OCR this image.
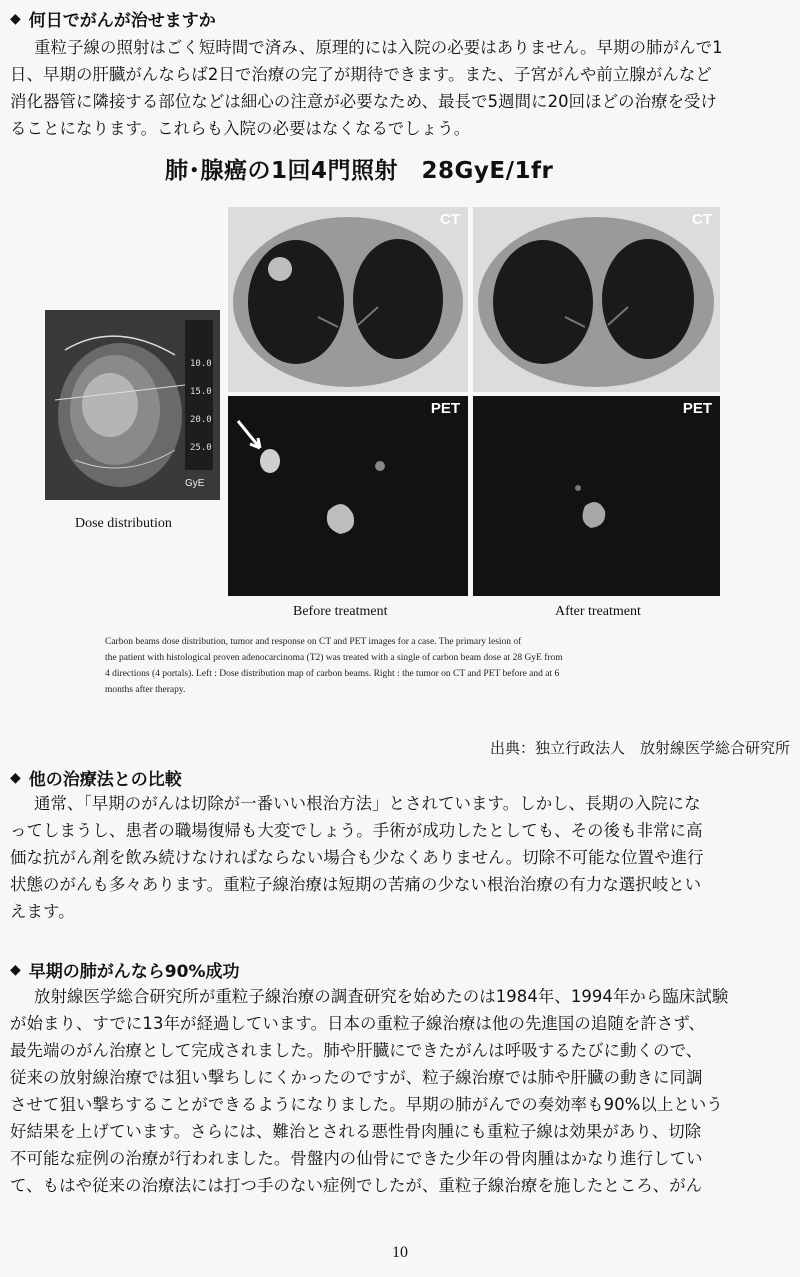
◆ 何日でがんが治せますか
重粒子線の照射はごく短時間で済み、原理的には入院の必要はありません。早期の肺がんで1
日、早期の肝臓がんならば2日で治療の完了が期待できます。また、子宮がんや前立腺がんなど
消化器管に隣接する部位などは細心の注意が必要なため、最長で5週間に20回ほどの治療を受け
ることになります。これらも入院の必要はなくなるでしょう。
肺･腺癌の1回4門照射　28GyE/1fr
10.0
15.0
20.0
25.0
GyE
Dose distribution
CT	CT
PET	PET
Before treatment	After treatment
Carbon beams dose distribution, tumor and response on CT and PET images for a case. The primary lesion of
the patient with histological proven adenocarcinoma (T2) was treated with a single of carbon beam dose at 28 GyE from
4 directions (4 portals). Left : Dose distribution map of carbon beams. Right : the tumor on CT and PET before and at 6
months after therapy.
出典：独立行政法人　放射線医学総合研究所
◆ 他の治療法との比較
通常、「早期のがんは切除が一番いい根治方法」とされています。しかし、長期の入院にな
ってしまうし、患者の職場復帰も大変でしょう。手術が成功したとしても、その後も非常に高
価な抗がん剤を飲み続けなければならない場合も少なくありません。切除不可能な位置や進行
状態のがんも多々あります。重粒子線治療は短期の苦痛の少ない根治治療の有力な選択岐とい
えます。
◆ 早期の肺がんなら90%成功
放射線医学総合研究所が重粒子線治療の調査研究を始めたのは1984年、1994年から臨床試験
が始まり、すでに13年が経過しています。日本の重粒子線治療は他の先進国の追随を許さず、
最先端のがん治療として完成されました。肺や肝臓にできたがんは呼吸するたびに動くので、
従来の放射線治療では狙い撃ちしにくかったのですが、粒子線治療では肺や肝臓の動きに同調
させて狙い撃ちすることができるようになりました。早期の肺がんでの奏効率も90%以上という
好結果を上げています。さらには、難治とされる悪性骨肉腫にも重粒子線は効果があり、切除
不可能な症例の治療が行われました。骨盤内の仙骨にできた少年の骨肉腫はかなり進行してい
て、もはや従来の治療法には打つ手のない症例でしたが、重粒子線治療を施したところ、がん
10
